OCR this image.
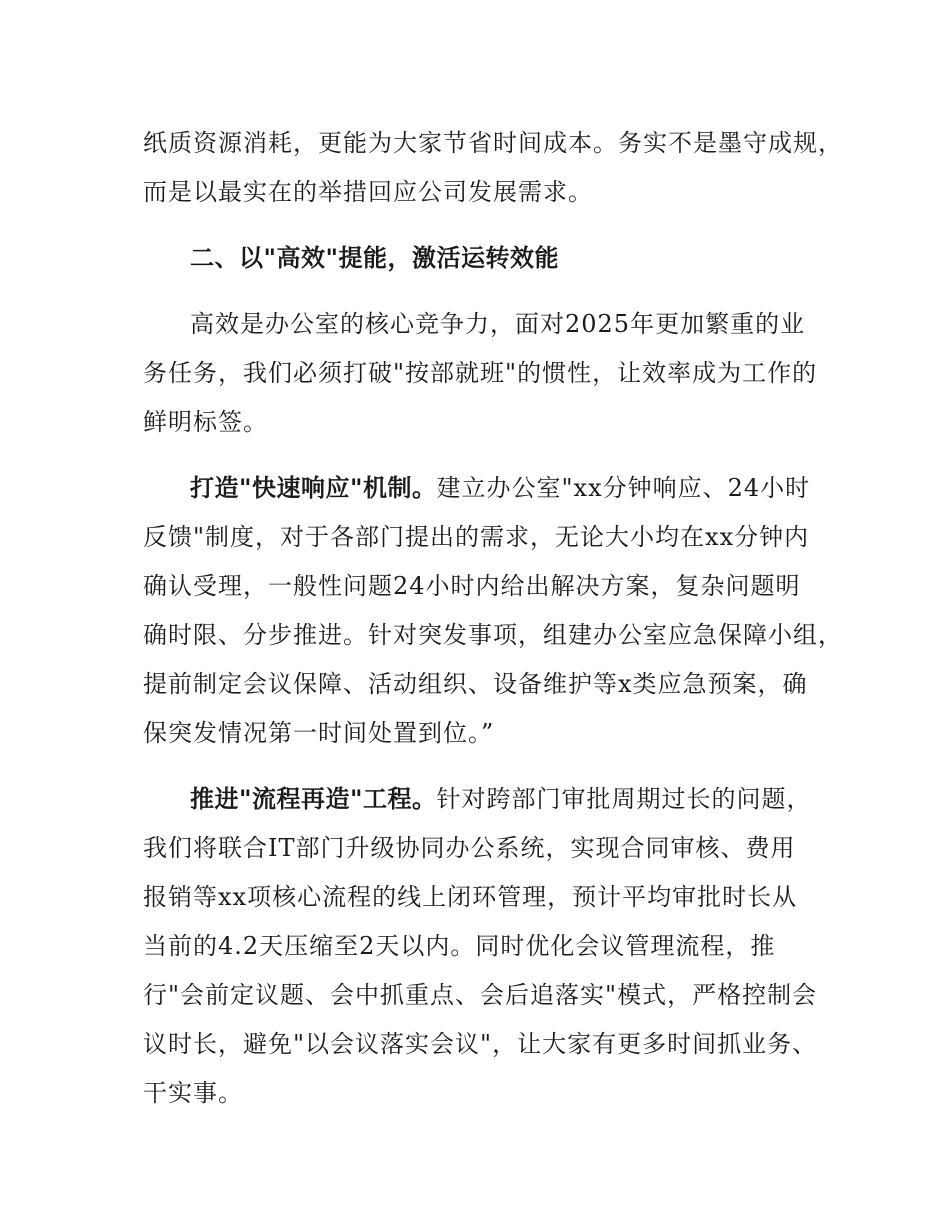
纸质资源消耗，更能为大家节省时间成本。务实不是墨守成规，
而是以最实在的举措回应公司发展需求。
二、以"高效"提能，激活运转效能
高效是办公室的核心竞争力，面对2025年更加繁重的业
务任务，我们必须打破"按部就班"的惯性，让效率成为工作的
鲜明标签。
打造"快速响应"机制。建立办公室"xx分钟响应、24小时
反馈"制度，对于各部门提出的需求，无论大小均在xx分钟内
确认受理，一般性问题24小时内给出解决方案，复杂问题明
确时限、分步推进。针对突发事项，组建办公室应急保障小组，
提前制定会议保障、活动组织、设备维护等x类应急预案，确
保突发情况第一时间处置到位。”
推进"流程再造"工程。针对跨部门审批周期过长的问题，
我们将联合IT部门升级协同办公系统，实现合同审核、费用
报销等xx项核心流程的线上闭环管理，预计平均审批时长从
当前的4.2天压缩至2天以内。同时优化会议管理流程，推
行"会前定议题、会中抓重点、会后追落实"模式，严格控制会
议时长，避免"以会议落实会议"，让大家有更多时间抓业务、
干实事。
